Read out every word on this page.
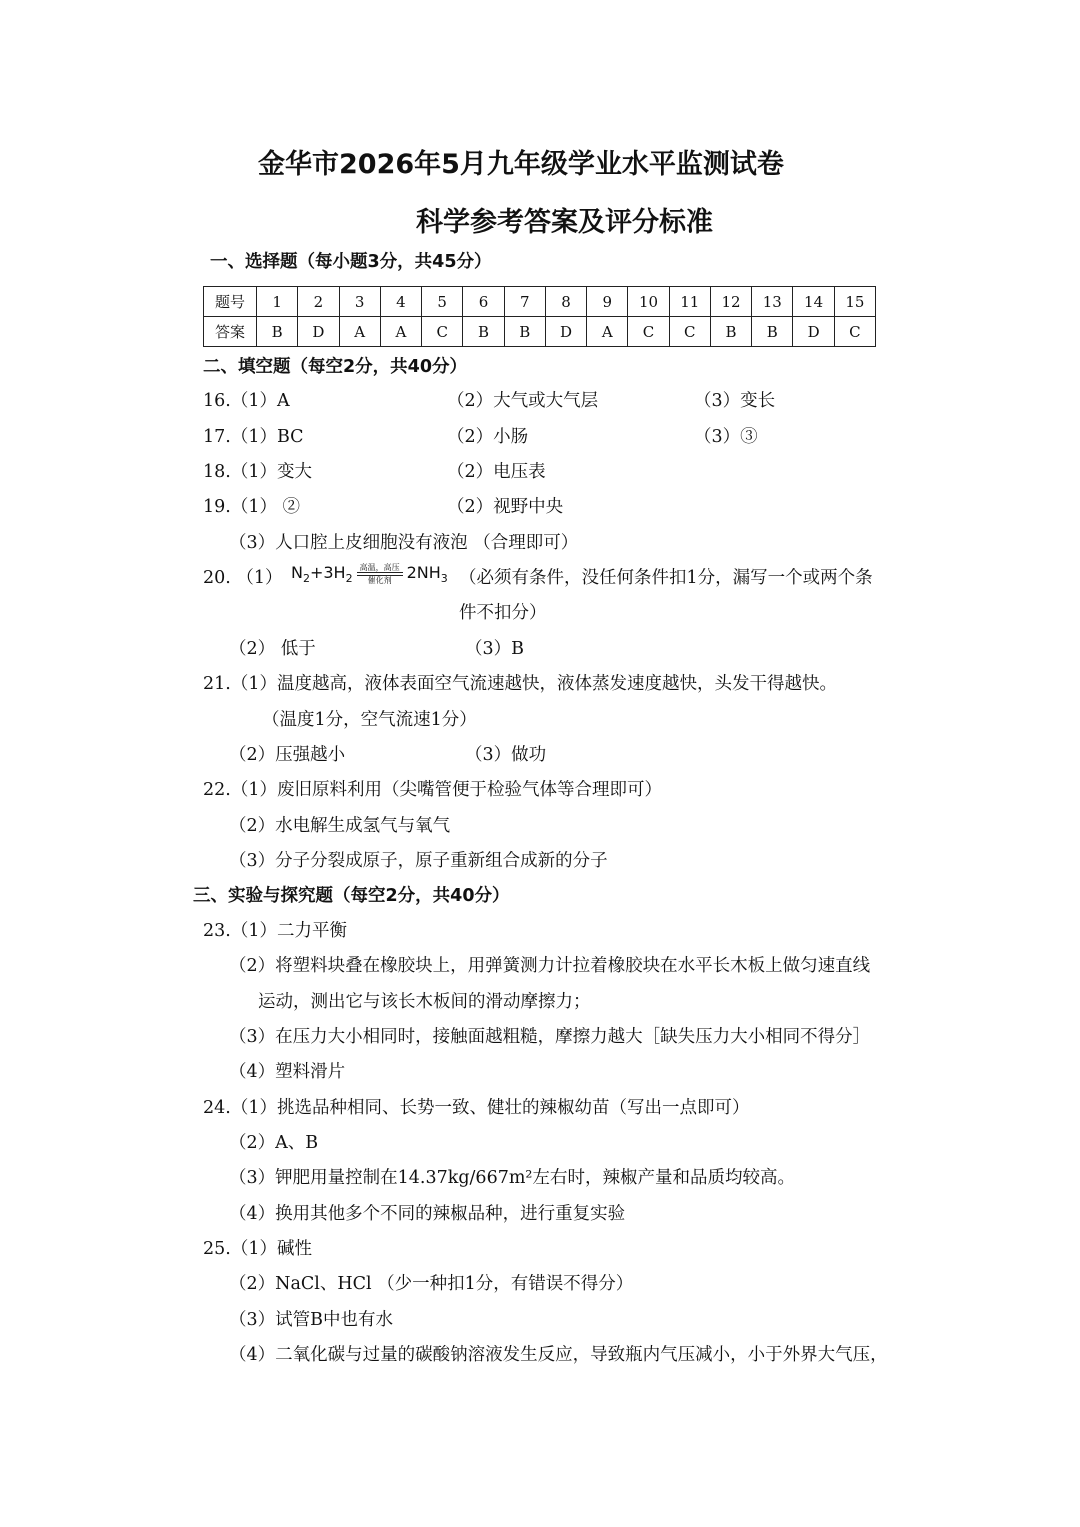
金华市2026年5月九年级学业水平监测试卷
科学参考答案及评分标准
一、选择题（每小题3分，共45分）
题号	1	2	3	4	5	6	7	8	9	10	11	12	13	14	15
答案	B	D	A	A	C	B	B	D	A	C	C	B	B	D	C
二、填空题（每空2分，共40分）
16.（1）A	（2）大气或大气层	（3）变长
17.（1）BC	（2）小肠	（3）③
18.（1）变大	（2）电压表
19.（1） ②	（2）视野中央
（3）人口腔上皮细胞没有液泡 （合理即可）
20. （1） $N_2+3H_2$
高温，高压
催化剂 $2NH_3$ （必须有条件，没任何条件扣1分，漏写一个或两个条
件不扣分）
（2） 低于	（3）B
21.（1）温度越高，液体表面空气流速越快，液体蒸发速度越快，头发干得越快。
（温度1分，空气流速1分）
（2）压强越小	（3）做功
22.（1）废旧原料利用（尖嘴管便于检验气体等合理即可）
（2）水电解生成氢气与氧气
（3）分子分裂成原子，原子重新组合成新的分子
三、实验与探究题（每空2分，共40分）
23.（1）二力平衡
（2）将塑料块叠在橡胶块上，用弹簧测力计拉着橡胶块在水平长木板上做匀速直线
运动，测出它与该长木板间的滑动摩擦力；
（3）在压力大小相同时，接触面越粗糙，摩擦力越大［缺失压力大小相同不得分］
（4）塑料滑片
24.（1）挑选品种相同、长势一致、健壮的辣椒幼苗（写出一点即可）
（2）A、B
（3）钾肥用量控制在14.37kg/667m²左右时，辣椒产量和品质均较高。
（4）换用其他多个不同的辣椒品种，进行重复实验
25.（1）碱性
（2）NaCl、HCl （少一种扣1分，有错误不得分）
（3）试管B中也有水
（4）二氧化碳与过量的碳酸钠溶液发生反应，导致瓶内气压减小，小于外界大气压，
